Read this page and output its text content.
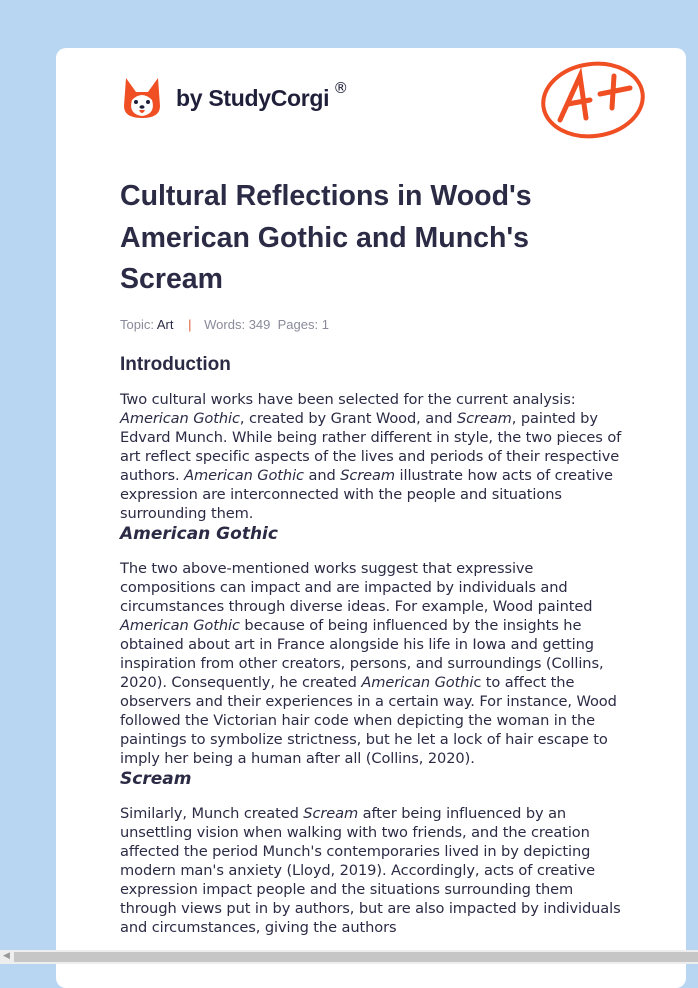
by StudyCorgi ®
Cultural Reflections in Wood's American Gothic and Munch's Scream
Topic: Art | Words: 349 Pages: 1
Introduction

Two cultural works have been selected for the current analysis: American Gothic, created by Grant Wood, and Scream, painted by Edvard Munch. While being rather different in style, the two pieces of art reflect specific aspects of the lives and periods of their respective authors. American Gothic and Scream illustrate how acts of creative expression are interconnected with the people and situations surrounding them.

American Gothic

The two above-mentioned works suggest that expressive compositions can impact and are impacted by individuals and circumstances through diverse ideas. For example, Wood painted American Gothic because of being influenced by the insights he obtained about art in France alongside his life in Iowa and getting inspiration from other creators, persons, and surroundings (Collins, 2020). Consequently, he created American Gothic to affect the observers and their experiences in a certain way. For instance, Wood followed the Victorian hair code when depicting the woman in the paintings to symbolize strictness, but he let a lock of hair escape to imply her being a human after all (Collins, 2020).

Scream

Similarly, Munch created Scream after being influenced by an unsettling vision when walking with two friends, and the creation affected the period Munch's contemporaries lived in by depicting modern man's anxiety (Lloyd, 2019). Accordingly, acts of creative expression impact people and the situations surrounding them through views put in by authors, but are also impacted by individuals and circumstances, giving the authors

◀
